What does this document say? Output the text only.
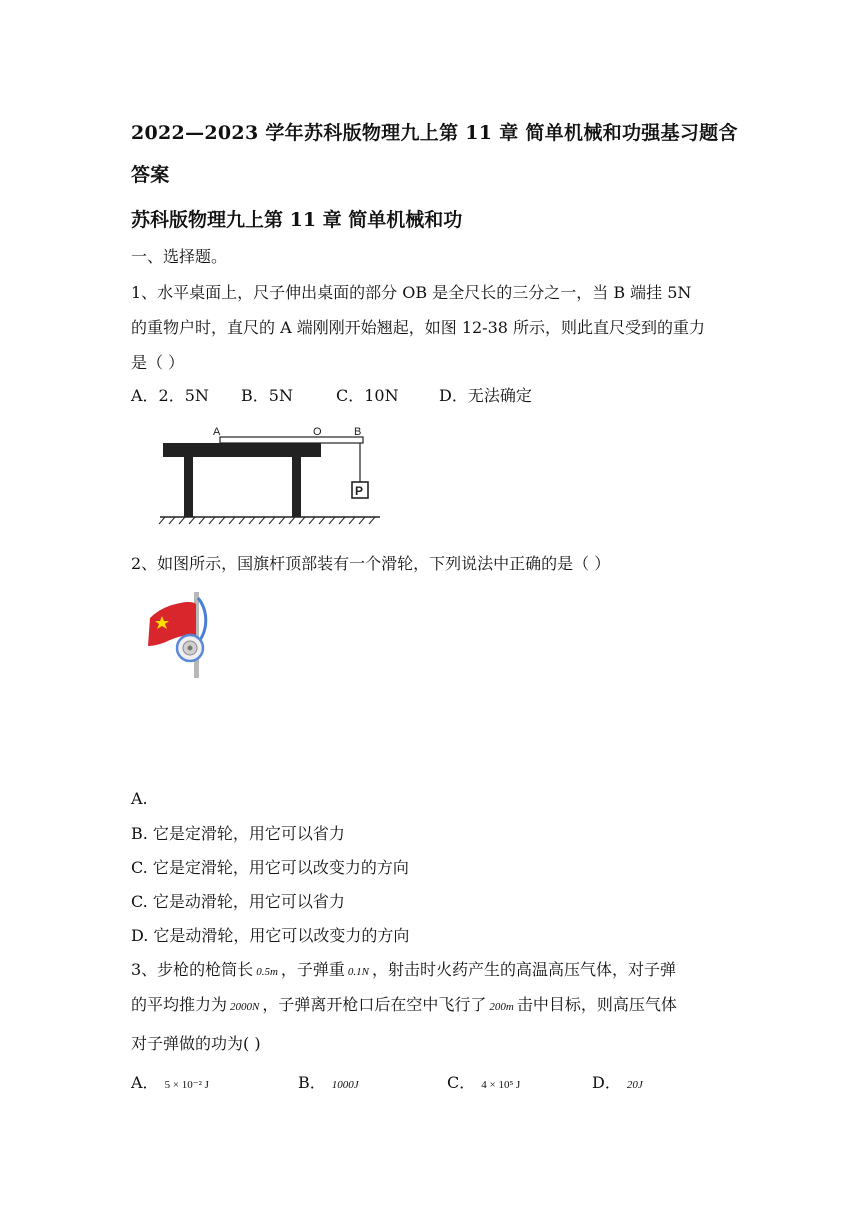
2022—2023 学年苏科版物理九上第 11 章 简单机械和功强基习题含
答案
苏科版物理九上第 11 章 简单机械和功
一、选择题。
1、水平桌面上，尺子伸出桌面的部分 OB 是全尺长的三分之一，当 B 端挂 5N
的重物户时，直尺的 A 端刚刚开始翘起，如图 12-38 所示，则此直尺受到的重力
是（ ）
A．2．5N B．5N	C．10N	D．无法确定
P
A	O	B
2、如图所示，国旗杆顶部装有一个滑轮，下列说法中正确的是（ ）
A.
B. 它是定滑轮，用它可以省力
C. 它是定滑轮，用它可以改变力的方向
C. 它是动滑轮，用它可以省力
D. 它是动滑轮，用它可以改变力的方向
3、步枪的枪筒长 0.5m ，子弹重 0.1N ，射击时火药产生的高温高压气体，对子弹
的平均推力为 2000N ，子弹离开枪口后在空中飞行了 200m 击中目标，则高压气体
对子弹做的功为( )
A． 5 × 10⁻² J	B． 1000J	C． 4 × 10⁵ J	D． 20J
